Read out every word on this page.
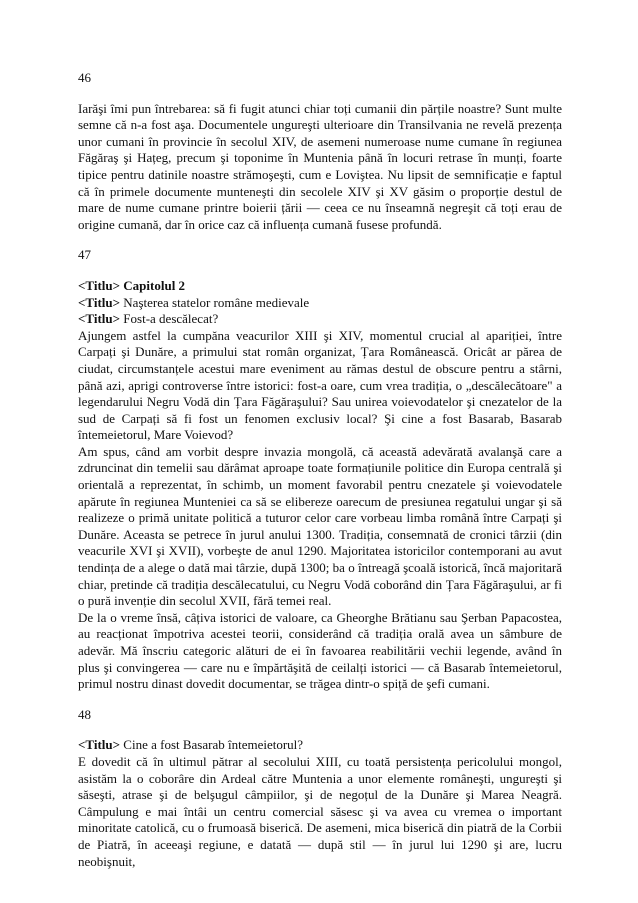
46

Iarăşi îmi pun întrebarea: să fi fugit atunci chiar toți cumanii din părțile noastre? Sunt multe semne că n-a fost aşa. Documentele ungureşti ulterioare din Transilvania ne revelă prezența unor cumani în provincie în secolul XIV, de asemeni numeroase nume cumane în regiunea Făgăraş şi Hațeg, precum şi toponime în Muntenia până în locuri retrase în munți, foarte tipice pentru datinile noastre strămoşeşti, cum e Loviştea. Nu lipsit de semnificație e faptul că în primele documente munteneşti din secolele XIV şi XV găsim o proporție destul de mare de nume cumane printre boierii țării — ceea ce nu înseamnă negreşit că toți erau de origine cumană, dar în orice caz că influența cumană fusese profundă.

47

<Titlu> Capitolul 2

<Titlu> Naşterea statelor române medievale

<Titlu> Fost-a descălecat?

Ajungem astfel la cumpăna veacurilor XIII şi XIV, momentul crucial al apariției, între Carpați şi Dunăre, a primului stat român organizat, Țara Românească. Oricât ar părea de ciudat, circumstanțele acestui mare eveniment au rămas destul de obscure pentru a stârni, până azi, aprigi controverse între istorici: fost-a oare, cum vrea tradiția, o „descălecătoare" a legendarului Negru Vodă din Țara Făgăraşului? Sau unirea voievodatelor şi cnezatelor de la sud de Carpați să fi fost un fenomen exclusiv local? Şi cine a fost Basarab, Basarab întemeietorul, Mare Voievod?

Am spus, când am vorbit despre invazia mongolă, că această adevărată avalanşă care a zdruncinat din temelii sau dărâmat aproape toate formațiunile politice din Europa centrală şi orientală a reprezentat, în schimb, un moment favorabil pentru cnezatele şi voievodatele apărute în regiunea Munteniei ca să se elibereze oarecum de presiunea regatului ungar şi să realizeze o primă unitate politică a tuturor celor care vorbeau limba română între Carpați şi Dunăre. Aceasta se petrece în jurul anului 1300. Tradiția, consemnată de cronici târzii (din veacurile XVI şi XVII), vorbeşte de anul 1290. Majoritatea istoricilor contemporani au avut tendința de a alege o dată mai târzie, după 1300; ba o întreagă şcoală istorică, încă majoritară chiar, pretinde că tradiția descălecatului, cu Negru Vodă coborând din Țara Făgăraşului, ar fi o pură invenție din secolul XVII, fără temei real.

De la o vreme însă, câțiva istorici de valoare, ca Gheorghe Brătianu sau Şerban Papacostea, au reacționat împotriva acestei teorii, considerând că tradiția orală avea un sâmbure de adevăr. Mă înscriu categoric alături de ei în favoarea reabilitării vechii legende, având în plus şi convingerea — care nu e împărtăşită de ceilalți istorici — că Basarab întemeietorul, primul nostru dinast dovedit documentar, se trăgea dintr-o spiță de şefi cumani.

48

<Titlu> Cine a fost Basarab întemeietorul?

E dovedit că în ultimul pătrar al secolului XIII, cu toată persistența pericolului mongol, asistăm la o coborâre din Ardeal către Muntenia a unor elemente româneşti, ungureşti şi săseşti, atrase şi de belşugul câmpiilor, şi de negoțul de la Dunăre şi Marea Neagră. Câmpulung e mai întâi un centru comercial săsesc şi va avea cu vremea o important minoritate catolică, cu o frumoasă biserică. De asemeni, mica biserică din piatră de la Corbii de Piatră, în aceeaşi regiune, e datată — după stil — în jurul lui 1290 şi are, lucru neobişnuit,
